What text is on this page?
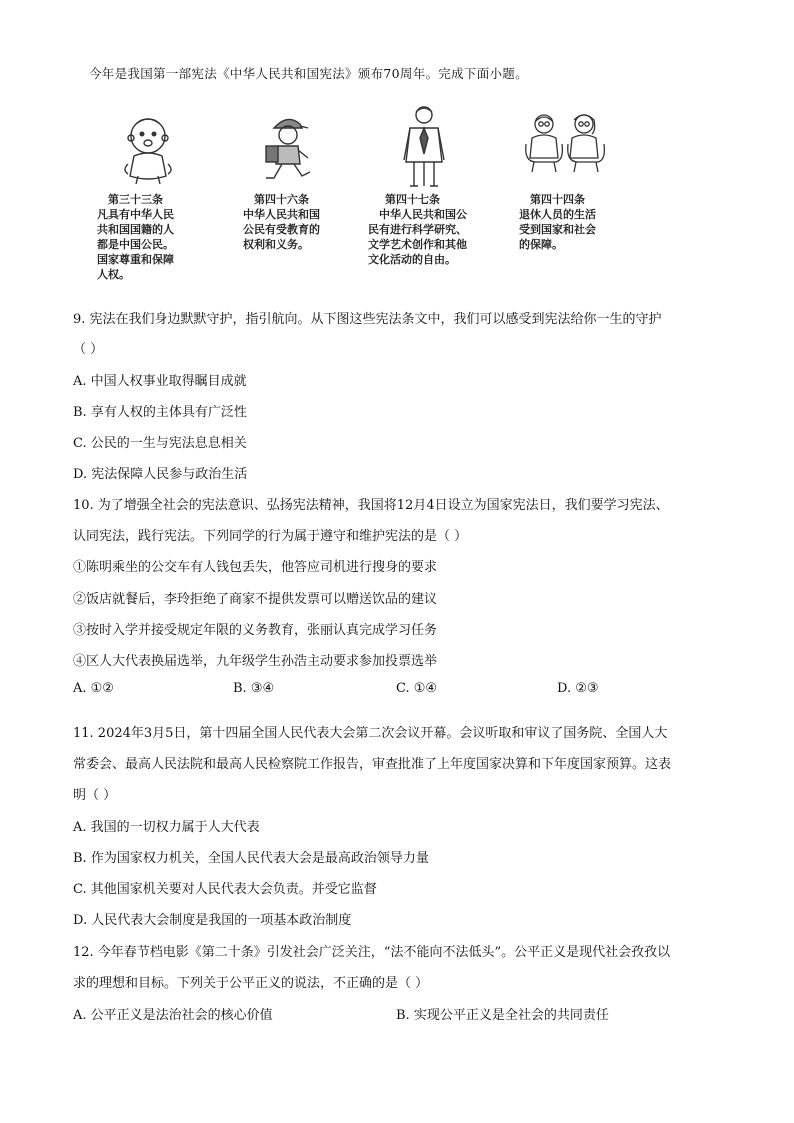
今年是我国第一部宪法《中华人民共和国宪法》颁布70周年。完成下面小题。
第三十三条
凡具有中华人民
共和国国籍的人
都是中国公民。
国家尊重和保障
人权。
第四十六条
中华人民共和国
公民有受教育的
权利和义务。
第四十七条
中华人民共和国公
民有进行科学研究、
文学艺术创作和其他
文化活动的自由。
第四十四条
退休人员的生活
受到国家和社会
的保障。
9. 宪法在我们身边默默守护，指引航向。从下图这些宪法条文中，我们可以感受到宪法给你一生的守护
（ ）
A. 中国人权事业取得瞩目成就
B. 享有人权的主体具有广泛性
C. 公民的一生与宪法息息相关
D. 宪法保障人民参与政治生活
10. 为了增强全社会的宪法意识、弘扬宪法精神，我国将12月4日设立为国家宪法日，我们要学习宪法、
认同宪法，践行宪法。下列同学的行为属于遵守和维护宪法的是（ ）
①陈明乘坐的公交车有人钱包丢失，他答应司机进行搜身的要求
②饭店就餐后，李玲拒绝了商家不提供发票可以赠送饮品的建议
③按时入学并接受规定年限的义务教育，张丽认真完成学习任务
④区人大代表换届选举，九年级学生孙浩主动要求参加投票选举
A. ①②	B. ③④	C. ①④	D. ②③
11. 2024年3月5日，第十四届全国人民代表大会第二次会议开幕。会议听取和审议了国务院、全国人大
常委会、最高人民法院和最高人民检察院工作报告，审查批准了上年度国家决算和下年度国家预算。这表
明（ ）
A. 我国的一切权力属于人大代表
B. 作为国家权力机关，全国人民代表大会是最高政治领导力量
C. 其他国家机关要对人民代表大会负责。并受它监督
D. 人民代表大会制度是我国的一项基本政治制度
12. 今年春节档电影《第二十条》引发社会广泛关注，“法不能向不法低头”。公平正义是现代社会孜孜以
求的理想和目标。下列关于公平正义的说法，不正确的是（ ）
A. 公平正义是法治社会的核心价值	B. 实现公平正义是全社会的共同责任
